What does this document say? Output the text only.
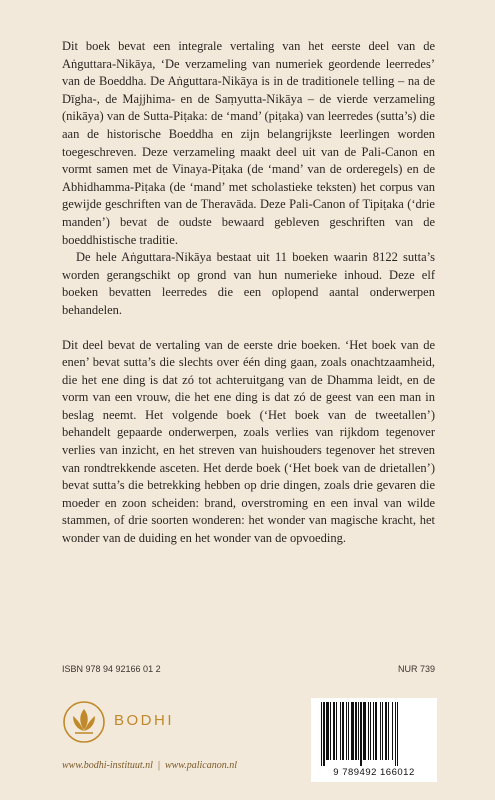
Dit boek bevat een integrale vertaling van het eerste deel van de Aṅguttara-Nikāya, ‘De verzameling van numeriek geordende leerredes’ van de Boeddha. De Aṅguttara-Nikāya is in de traditionele telling – na de Dīgha-, de Majjhima- en de Saṃyutta-Nikāya – de vierde verzameling (nikāya) van de Sutta-Piṭaka: de ‘mand’ (piṭaka) van leerredes (sutta’s) die aan de historische Boeddha en zijn belangrijkste leerlingen worden toegeschreven. Deze verzameling maakt deel uit van de Pali-Canon en vormt samen met de Vinaya-Piṭaka (de ‘mand’ van de orderegels) en de Abhidhamma-Piṭaka (de ‘mand’ met scholastieke teksten) het corpus van gewijde geschriften van de Theravāda. Deze Pali-Canon of Tipiṭaka (‘drie manden’) bevat de oudste bewaard gebleven geschriften van de boeddhistische traditie.

De hele Aṅguttara-Nikāya bestaat uit 11 boeken waarin 8122 sutta’s worden gerangschikt op grond van hun numerieke inhoud. Deze elf boeken bevatten leerredes die een oplopend aantal onderwerpen behandelen.

Dit deel bevat de vertaling van de eerste drie boeken. ‘Het boek van de enen’ bevat sutta’s die slechts over één ding gaan, zoals onachtzaamheid, die het ene ding is dat zó tot achteruitgang van de Dhamma leidt, en de vorm van een vrouw, die het ene ding is dat zó de geest van een man in beslag neemt. Het volgende boek (‘Het boek van de tweetallen’) behandelt gepaarde onderwerpen, zoals verlies van rijkdom tegenover verlies van inzicht, en het streven van huishouders tegenover het streven van rondtrekkende asceten. Het derde boek (‘Het boek van de drietallen’) bevat sutta’s die betrekking hebben op drie dingen, zoals drie gevaren die moeder en zoon scheiden: brand, overstroming en een inval van wilde stammen, of drie soorten wonderen: het wonder van magische kracht, het wonder van de duiding en het wonder van de opvoeding.

ISBN 978 94 92166 01 2	NUR 739
BODHI
www.bodhi-instituut.nl | www.palicanon.nl
9 789492 166012
